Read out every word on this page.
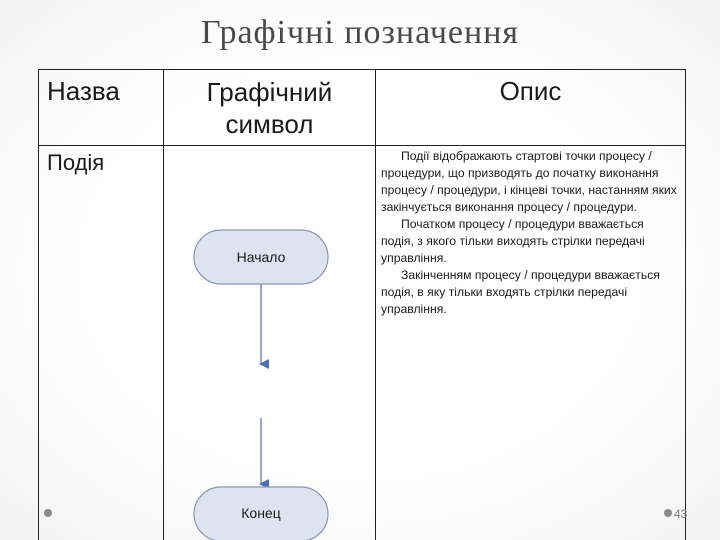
Графічні позначення
Назва	Графічний
символ
Опис
Подія
Начало
Конец

Події відображають стартові точки процесу / процедури, що призводять до початку виконання процесу / процедури, і кінцеві точки, настанням яких закінчується виконання процесу / процедури.

Початком процесу / процедури вважається подія, з якого тільки виходять стрілки передачі управління.

Закінченням процесу / процедури вважається подія, в яку тільки входять стрілки передачі управління.

43
